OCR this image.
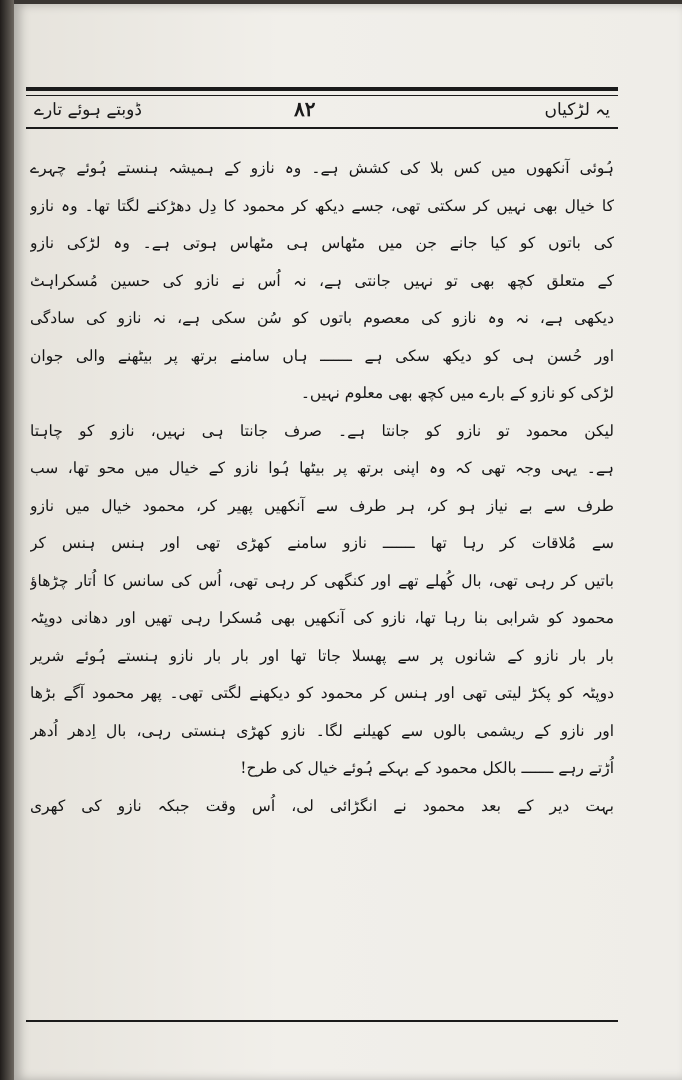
یہ لڑکیاں
۸۲
ڈوبتے ہوئے تارے
ہُوئی آنکھوں میں کس بلا کی کشش ہے۔ وہ نازو کے ہمیشہ ہنستے ہُوئے چہرے
کا خیال بھی نہیں کر سکتی تھی، جسے دیکھ کر محمود کا دِل دھڑکنے لگتا تھا۔ وہ نازو
کی باتوں کو کیا جانے جن میں مٹھاس ہی مٹھاس ہوتی ہے۔ وہ لڑکی نازو
کے متعلق کچھ بھی تو نہیں جانتی ہے، نہ اُس نے نازو کی حسین مُسکراہٹ
دیکھی ہے، نہ وہ نازو کی معصوم باتوں کو سُن سکی ہے، نہ نازو کی سادگی
اور حُسن ہی کو دیکھ سکی ہے ـــــــ ہاں سامنے برتھ پر بیٹھنے والی جوان
لڑکی کو نازو کے بارے میں کچھ بھی معلوم نہیں۔
لیکن محمود تو نازو کو جانتا ہے۔ صرف جانتا ہی نہیں، نازو کو چاہتا
ہے۔ یہی وجہ تھی کہ وہ اپنی برتھ پر بیٹھا ہُوا نازو کے خیال میں محو تھا، سب
طرف سے بے نیاز ہو کر، ہر طرف سے آنکھیں پھیر کر، محمود خیال میں نازو
سے مُلاقات کر رہا تھا ـــــــ نازو سامنے کھڑی تھی اور ہنس ہنس کر
باتیں کر رہی تھی، بال کُھلے تھے اور کنگھی کر رہی تھی، اُس کی سانس کا اُتار چڑھاؤ
محمود کو شرابی بنا رہا تھا، نازو کی آنکھیں بھی مُسکرا رہی تھیں اور دھانی دوپٹہ
بار بار نازو کے شانوں پر سے پھسلا جاتا تھا اور بار بار نازو ہنستے ہُوئے شریر
دوپٹہ کو پکڑ لیتی تھی اور ہنس کر محمود کو دیکھنے لگتی تھی۔ پھر محمود آگے بڑھا
اور نازو کے ریشمی بالوں سے کھیلنے لگا۔ نازو کھڑی ہنستی رہی، بال اِدھر اُدھر
اُڑتے رہے ـــــــ بالکل محمود کے بہکے ہُوئے خیال کی طرح!
بہت دیر کے بعد محمود نے انگڑائی لی، اُس وقت جبکہ نازو کی کھری
